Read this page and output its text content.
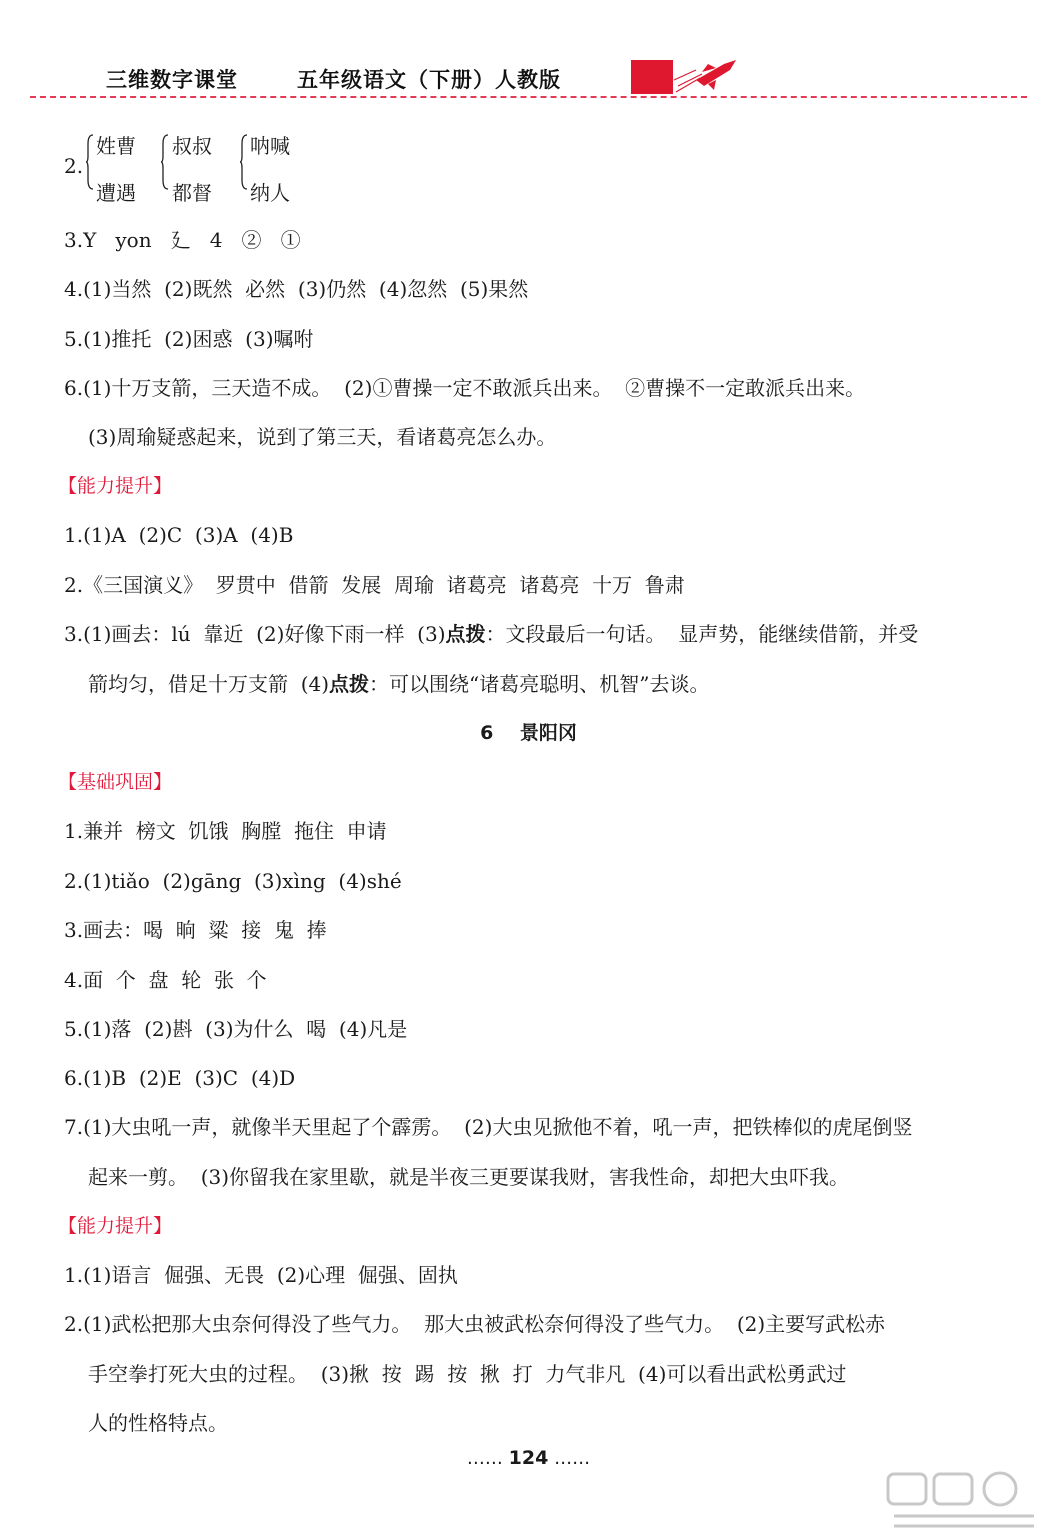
三维数字课堂	五年级语文（下册）人教版
2.
姓曹
遭遇
叔叔
都督
呐喊
纳人
3.Y   yon   廴   4   ②   ①
4.(1)当然  (2)既然  必然  (3)仍然  (4)忽然  (5)果然
5.(1)推托  (2)困惑  (3)嘱咐
6.(1)十万支箭，三天造不成。  (2)①曹操一定不敢派兵出来。  ②曹操不一定敢派兵出来。
(3)周瑜疑惑起来，说到了第三天，看诸葛亮怎么办。
【能力提升】
1.(1)A  (2)C  (3)A  (4)B
2.《三国演义》  罗贯中  借箭  发展  周瑜  诸葛亮  诸葛亮  十万  鲁肃
3.(1)画去：lú  靠近  (2)好像下雨一样  (3)点拨：文段最后一句话。  显声势，能继续借箭，并受
箭均匀，借足十万支箭  (4)点拨：可以围绕“诸葛亮聪明、机智”去谈。
6 景阳冈
【基础巩固】
1.兼并  榜文  饥饿  胸膛  拖住  申请
2.(1)tiǎo  (2)gāng  (3)xìng  (4)shé
3.画去：喝  晌  粱  接  鬼  捧
4.面  个  盘  轮  张  个
5.(1)落  (2)斟  (3)为什么  喝  (4)凡是
6.(1)B  (2)E  (3)C  (4)D
7.(1)大虫吼一声，就像半天里起了个霹雳。  (2)大虫见掀他不着，吼一声，把铁棒似的虎尾倒竖
起来一剪。  (3)你留我在家里歇，就是半夜三更要谋我财，害我性命，却把大虫吓我。
【能力提升】
1.(1)语言  倔强、无畏  (2)心理  倔强、固执
2.(1)武松把那大虫奈何得没了些气力。  那大虫被武松奈何得没了些气力。  (2)主要写武松赤
手空拳打死大虫的过程。  (3)揪  按  踢  按  揪  打  力气非凡  (4)可以看出武松勇武过
人的性格特点。
…… 124 ……
